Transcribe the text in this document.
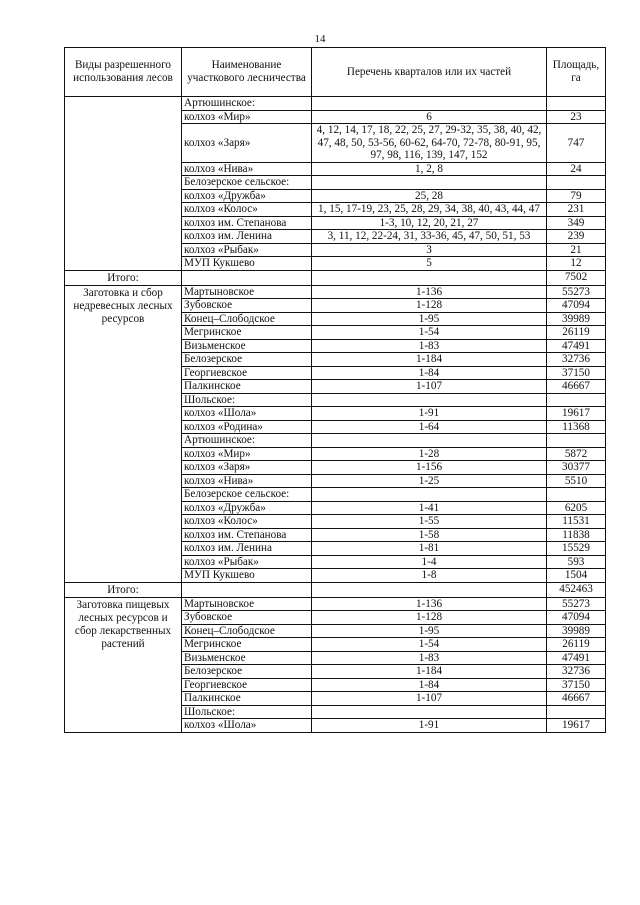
14
Виды разрешенного использования лесов	Наименование участкового лесничества	Перечень кварталов или их частей	Площадь, га
	Артюшинское:		
	колхоз «Мир»	6	23
	колхоз «Заря»	4, 12, 14, 17, 18, 22, 25, 27, 29-32, 35, 38, 40, 42, 47, 48, 50, 53-56, 60-62, 64-70, 72-78, 80-91, 95, 97, 98, 116, 139, 147, 152	747
	колхоз «Нива»	1, 2, 8	24
	Белозерское сельское:		
	колхоз «Дружба»	25, 28	79
	колхоз «Колос»	1, 15, 17-19, 23, 25, 28, 29, 34, 38, 40, 43, 44, 47	231
	колхоз им. Степанова	1-3, 10, 12, 20, 21, 27	349
	колхоз им. Ленина	3, 11, 12, 22-24, 31, 33-36, 45, 47, 50, 51, 53	239
	колхоз «Рыбак»	3	21
	МУП Кукшево	5	12
Итого:			7502
Заготовка и сбор недревесных лесных ресурсов	Мартыновское	1-136	55273
	Зубовское	1-128	47094
	Конец–Слободское	1-95	39989
	Мегринское	1-54	26119
	Визьменское	1-83	47491
	Белозерское	1-184	32736
	Георгиевское	1-84	37150
	Палкинское	1-107	46667
	Шольское:		
	колхоз «Шола»	1-91	19617
	колхоз «Родина»	1-64	11368
	Артюшинское:		
	колхоз «Мир»	1-28	5872
	колхоз «Заря»	1-156	30377
	колхоз «Нива»	1-25	5510
	Белозерское сельское:		
	колхоз «Дружба»	1-41	6205
	колхоз «Колос»	1-55	11531
	колхоз им. Степанова	1-58	11838
	колхоз им. Ленина	1-81	15529
	колхоз «Рыбак»	1-4	593
	МУП Кукшево	1-8	1504
Итого:			452463
Заготовка пищевых лесных ресурсов и сбор лекарственных растений	Мартыновское	1-136	55273
	Зубовское	1-128	47094
	Конец–Слободское	1-95	39989
	Мегринское	1-54	26119
	Визьменское	1-83	47491
	Белозерское	1-184	32736
	Георгиевское	1-84	37150
	Палкинское	1-107	46667
	Шольское:		
	колхоз «Шола»	1-91	19617
